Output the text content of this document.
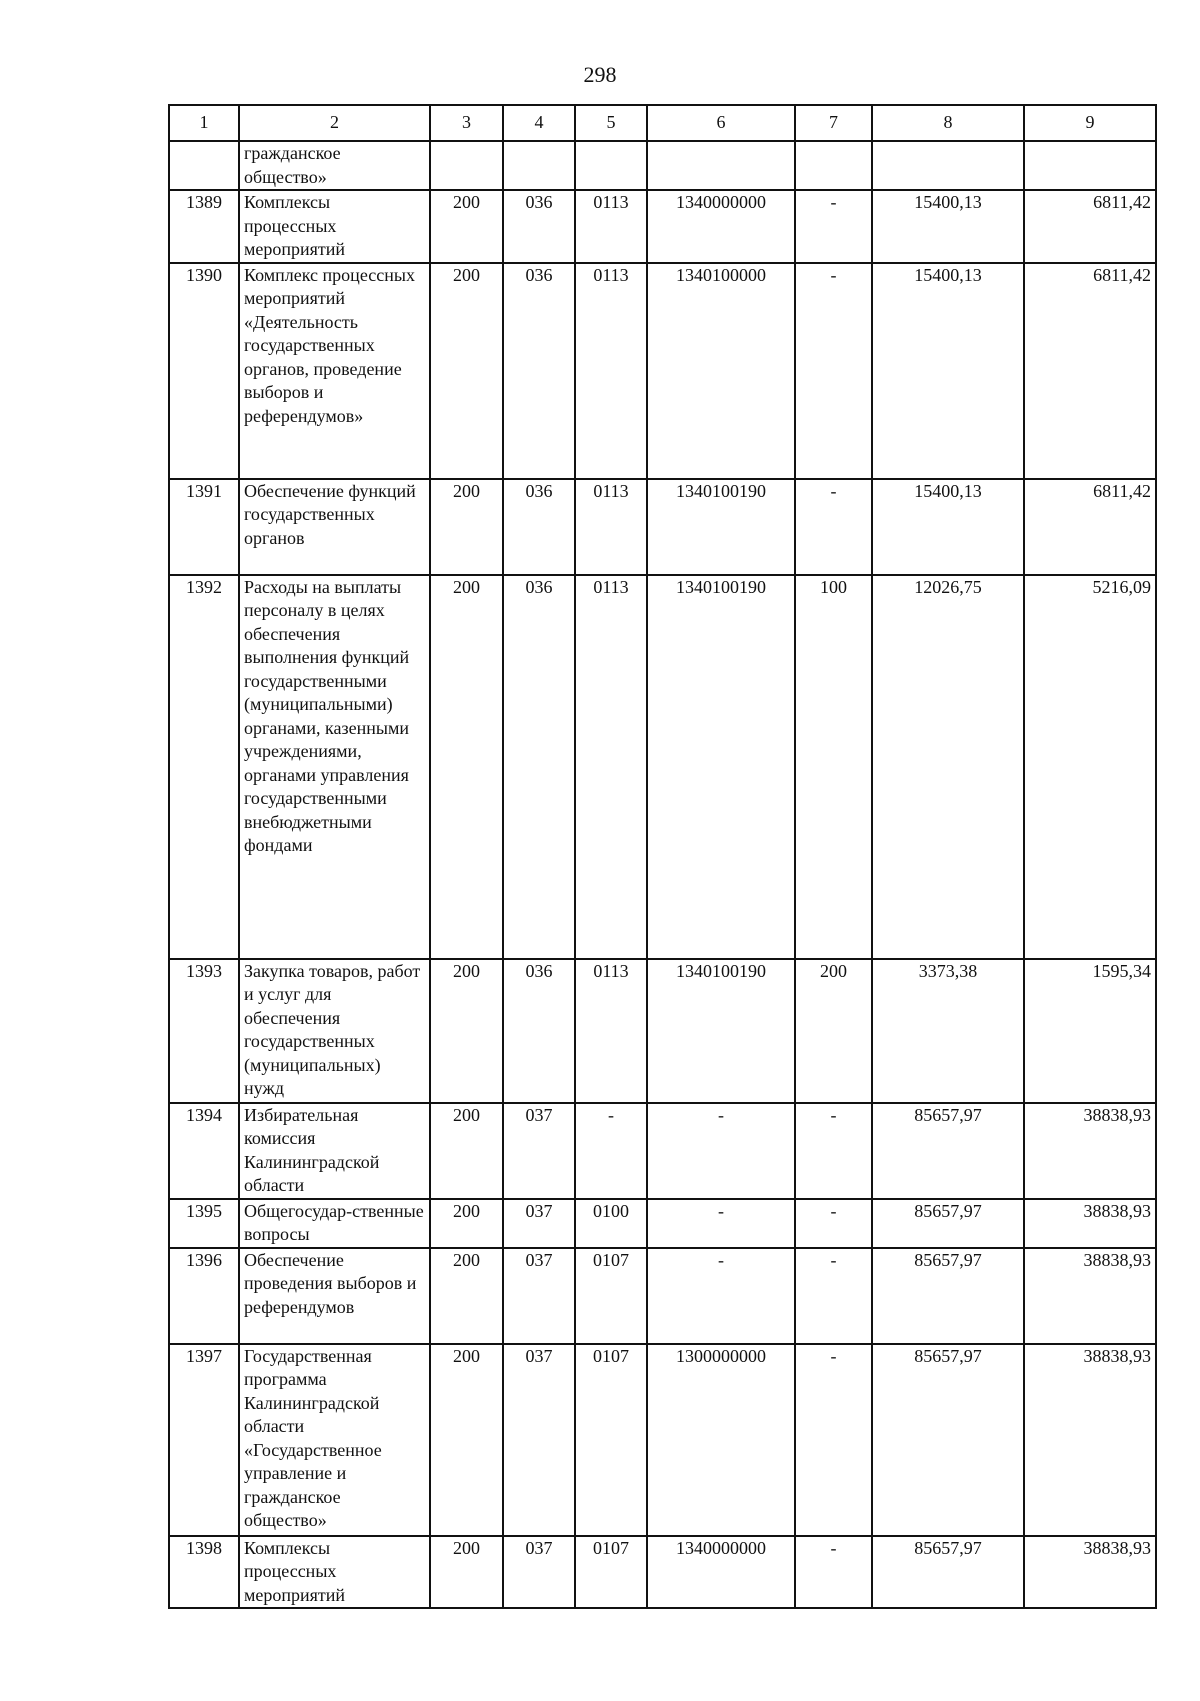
298
1	2	3	4	5	6	7	8	9
	гражданское общество»							
1389	Комплексы процессных мероприятий	200	036	0113	1340000000	-	15400,13	6811,42
1390	Комплекс процессных мероприятий «Деятельность государственных органов, проведение выборов и референдумов»	200	036	0113	1340100000	-	15400,13	6811,42
1391	Обеспечение функций государственных органов	200	036	0113	1340100190	-	15400,13	6811,42
1392	Расходы на выплаты персоналу в целях обеспечения выполнения функций государственными (муниципальными) органами, казенными учреждениями, органами управления государственными внебюджетными фондами	200	036	0113	1340100190	100	12026,75	5216,09
1393	Закупка товаров, работ и услуг для обеспечения государственных (муниципальных) нужд	200	036	0113	1340100190	200	3373,38	1595,34
1394	Избирательная комиссия Калининградской области	200	037	-	-	-	85657,97	38838,93
1395	Общегосудар-ственные вопросы	200	037	0100	-	-	85657,97	38838,93
1396	Обеспечение проведения выборов и референдумов	200	037	0107	-	-	85657,97	38838,93
1397	Государственная программа Калининградской области «Государственное управление и гражданское общество»	200	037	0107	1300000000	-	85657,97	38838,93
1398	Комплексы процессных мероприятий	200	037	0107	1340000000	-	85657,97	38838,93
